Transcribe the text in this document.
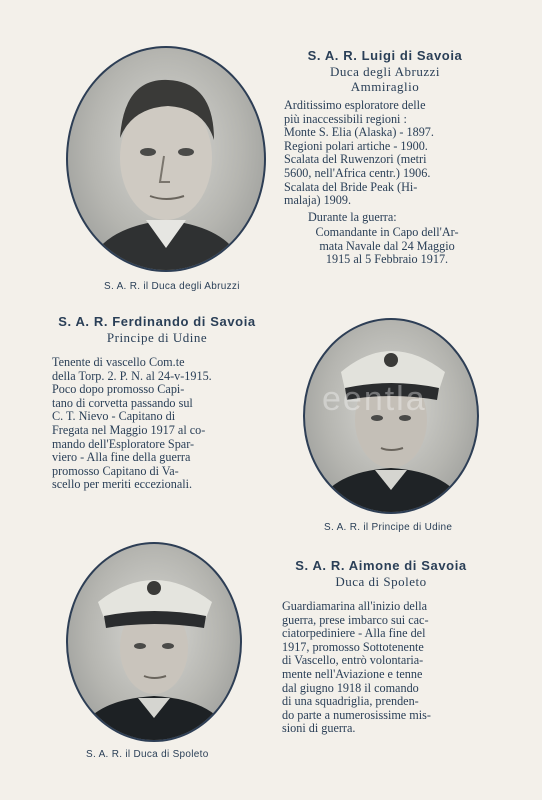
S. A. R. il Duca degli Abruzzi
S. A. R. Luigi di Savoia
Duca degli Abruzzi
Ammiraglio
Arditissimo esploratore delle
più inaccessibili regioni :
Monte S. Elia (Alaska) - 1897.
Regioni polari artiche - 1900.
Scalata del Ruwenzori (metri
5600, nell'Africa centr.) 1906.
Scalata del Bride Peak (Hi-
malaja) 1909.
Durante la guerra:
Comandante in Capo dell'Ar-
mata Navale dal 24 Maggio
1915 al 5 Febbraio 1917.
S. A. R. Ferdinando di Savoia
Principe di Udine
Tenente di vascello Com.te
della Torp. 2. P. N. al 24-v-1915.
Poco dopo promosso Capi-
tano di corvetta passando sul
C. T. Nievo - Capitano di
Fregata nel Maggio 1917 al co-
mando dell'Esploratore Spar-
viero - Alla fine della guerra
promosso Capitano di Va-
scello per meriti eccezionali.
eentla
S. A. R. il Principe di Udine
S. A. R. Aimone di Savoia
Duca di Spoleto
Guardiamarina all'inizio della
guerra, prese imbarco sui cac-
ciatorpediniere - Alla fine del
1917, promosso Sottotenente
di Vascello, entrò volontaria-
mente nell'Aviazione e tenne
dal giugno 1918 il comando
di una squadriglia, prenden-
do parte a numerosissime mis-
sioni di guerra.
S. A. R. il Duca di Spoleto
